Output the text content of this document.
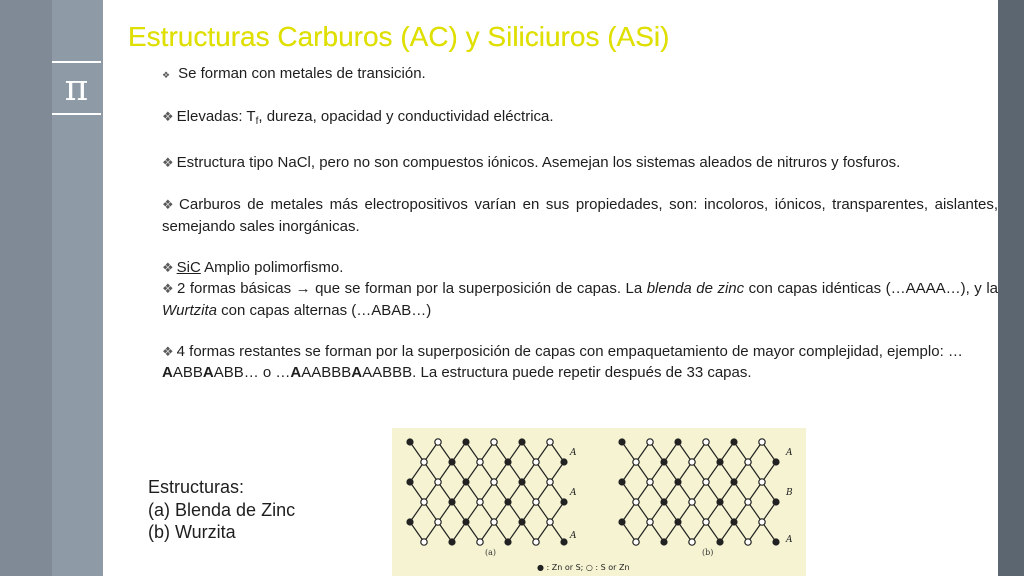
π
Estructuras Carburos (AC) y Siliciuros (ASi)

❖ Se forman con metales de transición.

❖ Elevadas: $T_f$, dureza, opacidad y conductividad eléctrica.

❖ Estructura tipo NaCl, pero no son compuestos iónicos. Asemejan los sistemas aleados de nitruros y fosfuros.

❖ Carburos de metales más electropositivos varían en sus propiedades, son: incoloros, iónicos, transparentes, aislantes, semejando sales inorgánicas.

❖ SiC Amplio polimorfismo.

❖ 2 formas básicas → que se forman por la superposición de capas. La blenda de zinc con capas idénticas (…AAAA…), y la Wurtzita con capas alternas (…ABAB…)

❖ 4 formas restantes se forman por la superposición de capas con empaquetamiento de mayor complejidad, ejemplo: …AABBAABB… o …AAABBBAAABBB. La estructura puede repetir después de 33 capas.

Estructuras:
(a) Blenda de Zinc
(b) Wurzita
A
A
A
A
B
A
(a)	(b)
● : Zn or S; ○ : S or Zn
